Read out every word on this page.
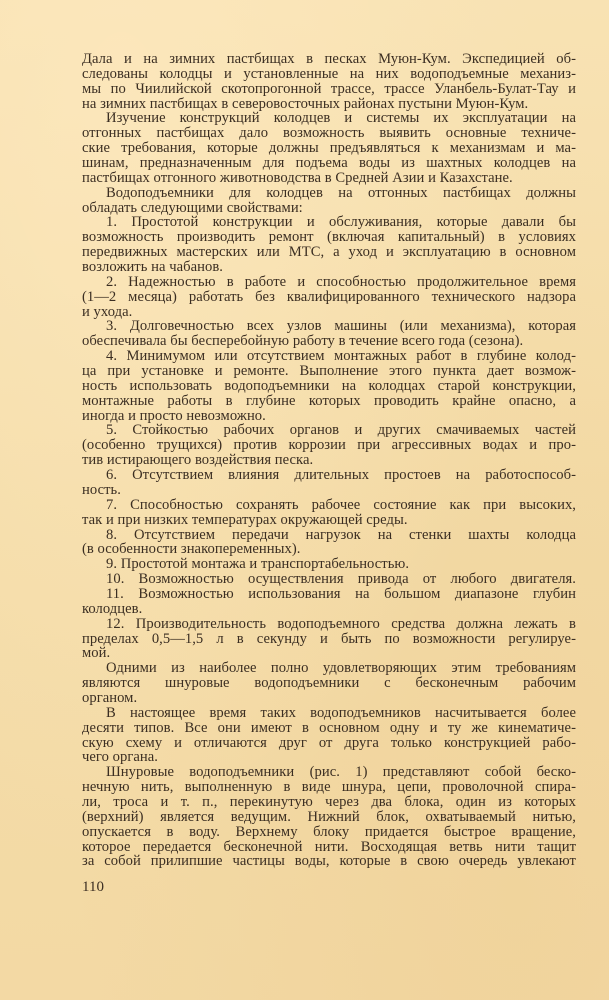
Дала и на зимних пастбищах в песках Муюн-Кум. Экспедицией об-
следованы колодцы и установленные на них водоподъемные механиз-
мы по Чиилийской скотопрогонной трассе, трассе Уланбель-Булат-Тау и
на зимних пастбищах в северовосточных районах пустыни Муюн-Кум.
Изучение конструкций колодцев и системы их эксплуатации на
отгонных пастбищах дало возможность выявить основные техниче-
ские требования, которые должны предъявляться к механизмам и ма-
шинам, предназначенным для подъема воды из шахтных колодцев на
пастбищах отгонного животноводства в Средней Азии и Казахстане.
Водоподъемники для колодцев на отгонных пастбищах должны
обладать следующими свойствами:
1. Простотой конструкции и обслуживания, которые давали бы
возможность производить ремонт (включая капитальный) в условиях
передвижных мастерских или МТС, а уход и эксплуатацию в основном
возложить на чабанов.
2. Надежностью в работе и способностью продолжительное время
(1—2 месяца) работать без квалифицированного технического надзора
и ухода.
3. Долговечностью всех узлов машины (или механизма), которая
обеспечивала бы бесперебойную работу в течение всего года (сезона).
4. Минимумом или отсутствием монтажных работ в глубине колод-
ца при установке и ремонте. Выполнение этого пункта дает возмож-
ность использовать водоподъемники на колодцах старой конструкции,
монтажные работы в глубине которых проводить крайне опасно, а
иногда и просто невозможно.
5. Стойкостью рабочих органов и других смачиваемых частей
(особенно трущихся) против коррозии при агрессивных водах и про-
тив истирающего воздействия песка.
6. Отсутствием влияния длительных простоев на работоспособ-
ность.
7. Способностью сохранять рабочее состояние как при высоких,
так и при низких температурах окружающей среды.
8. Отсутствием передачи нагрузок на стенки шахты колодца
(в особенности знакопеременных).
9. Простотой монтажа и транспортабельностью.
10. Возможностью осуществления привода от любого двигателя.
11. Возможностью использования на большом диапазоне глубин
колодцев.
12. Производительность водоподъемного средства должна лежать в
пределах 0,5—1,5 л в секунду и быть по возможности регулируе-
мой.
Одними из наиболее полно удовлетворяющих этим требованиям
являются шнуровые водоподъемники с бесконечным рабочим
органом.
В настоящее время таких водоподъемников насчитывается более
десяти типов. Все они имеют в основном одну и ту же кинематиче-
скую схему и отличаются друг от друга только конструкцией рабо-
чего органа.
Шнуровые водоподъемники (рис. 1) представляют собой беско-
нечную нить, выполненную в виде шнура, цепи, проволочной спира-
ли, троса и т. п., перекинутую через два блока, один из которых
(верхний) является ведущим. Нижний блок, охватываемый нитью,
опускается в воду. Верхнему блоку придается быстрое вращение,
которое передается бесконечной нити. Восходящая ветвь нити тащит
за собой прилипшие частицы воды, которые в свою очередь увлекают
110
